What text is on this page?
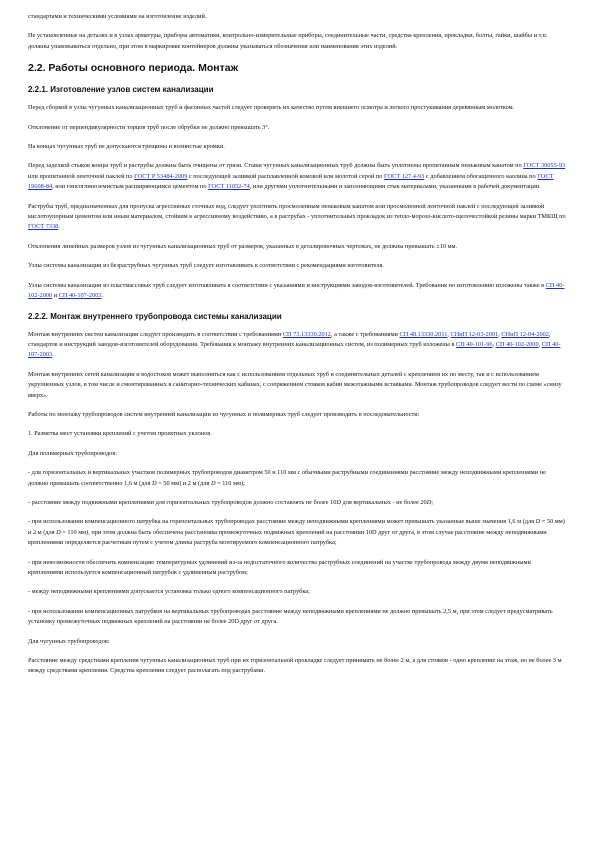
стандартами и техническими условиями на изготовление изделий.

Не установленные на деталях и в узлах арматуры, приборы автоматики, контрольно-измерительные приборы, соединительные части, средства крепления, прокладки, болты, гайки, шайбы и т.п. должны упаковываться отдельно, при этом в маркировке контейнеров должны указываться обозначения или наименования этих изделий.

2.2. Работы основного периода. Монтаж
2.2.1. Изготовление узлов систем канализации

Перед сборкой в узлы чугунных канализационных труб и фасонных частей следует проверить их качество путем внешнего осмотра и легкого простукивания деревянным молотком.

Отклонение от перпендикулярности торцов труб после обрубки не должно превышать 3°.

На концах чугунных труб не допускаются трещины и волнистые кромки.

Перед заделкой стыков концы труб и раструбы должны быть очищены от грязи. Стыки чугунных канализационных труб должны быть уплотнены пропитанным пеньковым канатом по ГОСТ 30055-93 или пропитанной ленточной паклей по ГОСТ Р 53484-2009 с последующей заливкой расплавленной комовой или молотой серой по ГОСТ 127.4-93 с добавлением обогащенного каолина по ГОСТ 19608-84, или гипсоглиноземистым расширяющимся цементом по ГОСТ 11052-74, или другими уплотнительными и заполняющими стык материалами, указанными в рабочей документации.

Раструбы труб, предназначенных для пропуска агрессивных сточных вод, следует уплотнять просмоленным пеньковым канатом или просмоленной ленточной паклей с последующей заливкой кислотоупорным цементом или иным материалом, стойким к агрессивному воздействию, а в раструбах - уплотнительных прокладок из тепло-морозо-кислото-щелочестойкой резины марки ТМКЩ по ГОСТ 7338.

Отклонения линейных размеров узлов из чугунных канализационных труб от размеров, указанных в деталировочных чертежах, не должны превышать ±10 мм.

Узлы системы канализации из безраструбных чугунных труб следует изготавливать в соответствии с рекомендациями изготовителя.

Узлы системы канализации из пластмассовых труб следует изготавливать в соответствии с указаниями и инструкциями заводов-изготовителей. Требования по изготовлению изложены также в СП 40-102-2000 и СП 40-107-2003.

2.2.2. Монтаж внутреннего трубопровода системы канализации

Монтаж внутренних систем канализации следует производить в соответствии с требованиями СП 73.13330.2012, а также с требованиями СП 48.13330.2011, СНиП 12-03-2001, СНиП 12-04-2002, стандартов и инструкций заводов-изготовителей оборудования. Требования к монтажу внутренних канализационных систем, из полимерных труб изложены в СП 40-101-96, СП 40-102-2000, СП 40-107-2003.

Монтаж внутренних сетей канализации и водостоков может выполняться как с использованием отдельных труб и соединительных деталей с креплением их по месту, так и с использованием укрупненных узлов, в том числе и смонтированных в санитарно-технических кабинах, с сопряжением стояков кабин межэтажными вставками. Монтаж трубопроводов следует вести по схеме «снизу вверх».

Работы по монтажу трубопроводов систем внутренней канализации из чугунных и полимерных труб следует производить в последовательности:

1. Разметка мест установки креплений с учетом проектных уклонов.

Для полимерных трубопроводов:

- для горизонтальных и вертикальных участков полимерных трубопроводов диаметром 50 и 110 мм с обычными раструбными соединениями расстояние между неподвижными креплениями не должно превышать соответственно 1,6 м (для D = 50 мм) и 2 м (для D = 110 мм);

- расстояние между подвижными креплениями для горизонтальных трубопроводов должно составлять не более 10D для вертикальных - не более 20D;

- при использовании компенсационного патрубка на горизонтальных трубопроводах расстояние между неподвижными креплениями может превышать указанные выше значения 1,6 м (для D = 50 мм) и 2 м (для D = 110 мм), при этом должна быть обеспечена расстановка промежуточных подвижных креплений на расстоянии 10D друг от друга, в этом случае расстояние между неподвижными креплениями определяется расчетным путем с учетом длины раструба монтируемого компенсационного патрубка;

- при невозможности обеспечить компенсацию температурных удлинений из-за недостаточного количества раструбных соединений на участке трубопровода между двумя неподвижными креплениями используется компенсационный патрубок с удлиненным раструбом;

- между неподвижными креплениями допускается установка только одного компенсационного патрубка;

- при использовании компенсационных патрубков на вертикальных трубопроводах расстояние между неподвижными креплениями не должно превышать 2,5 м, при этом следует предусматривать установку промежуточных подвижных креплений на расстоянии не более 20D друг от друга.

Для чугунных трубопроводов:

Расстояние между средствами крепления чугунных канализационных труб при их горизонтальной прокладке следует принимать не более 2 м, а для стояков - одно крепление на этаж, но не более 3 м между средствами крепления. Средства крепления следует располагать под раструбами.
